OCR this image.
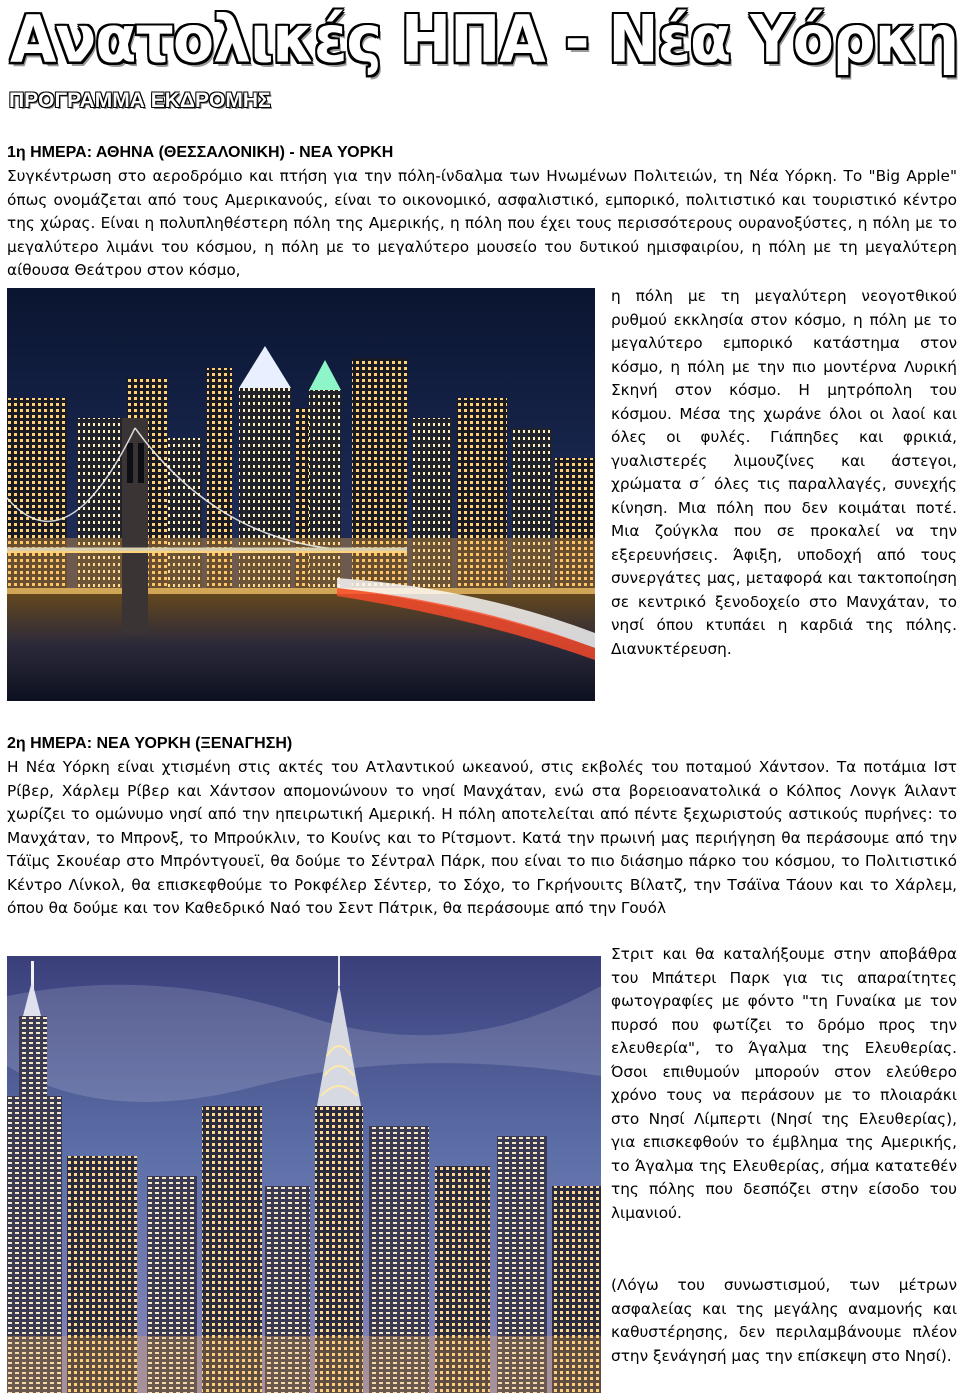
Ανατολικές ΗΠΑ - Νέα Υόρκη
ΠΡΟΓΡΑΜΜΑ ΕΚΔΡΟΜΗΣ
1η ΗΜΕΡΑ: ΑΘΗΝΑ (ΘΕΣΣΑΛΟΝΙΚΗ) - ΝΕΑ ΥΟΡΚΗ

Συγκέντρωση στο αεροδρόμιο και πτήση για την πόλη-ίνδαλμα των Ηνωμένων Πολιτειών, τη Νέα Υόρκη. Το "Big Apple" όπως ονομάζεται από τους Αμερικανούς, είναι το οικονομικό, ασφαλιστικό, εμπορικό, πολιτιστικό και τουριστικό κέντρο της χώρας. Είναι η πολυπληθέστερη πόλη της Αμερικής, η πόλη που έχει τους περισσότερους ουρανοξύστες, η πόλη με το μεγαλύτερο λιμάνι του κόσμου, η πόλη με το μεγαλύτερο μουσείο του δυτικού ημισφαιρίου, η πόλη με τη μεγαλύτερη αίθουσα Θεάτρου στον κόσμο,

η πόλη με τη μεγαλύτερη νεογοτθικού ρυθμού εκκλησία στον κόσμο, η πόλη με το μεγαλύτερο εμπορικό κατάστημα στον κόσμο, η πόλη με την πιο μοντέρνα Λυρική Σκηνή στον κόσμο. Η μητρόπολη του κόσμου. Μέσα της χωράνε όλοι οι λαοί και όλες οι φυλές. Γιάπηδες και φρικιά, γυαλιστερές λιμουζίνες και άστεγοι, χρώματα σ΄ όλες τις παραλλαγές, συνεχής κίνηση. Μια πόλη που δεν κοιμάται ποτέ. Μια ζούγκλα που σε προκαλεί να την εξερευνήσεις. Άφιξη, υποδοχή από τους συνεργάτες μας, μεταφορά και τακτοποίηση σε κεντρικό ξενοδοχείο στο Μανχάταν, το νησί όπου κτυπάει η καρδιά της πόλης. Διανυκτέρευση.

2η ΗΜΕΡΑ: ΝΕΑ ΥΟΡΚΗ (ΞΕΝΑΓΗΣΗ)

Η Νέα Υόρκη είναι χτισμένη στις ακτές του Ατλαντικού ωκεανού, στις εκβολές του ποταμού Χάντσον. Τα ποτάμια Ιστ Ρίβερ, Χάρλεμ Ρίβερ και Χάντσον απομονώνουν το νησί Μανχάταν, ενώ στα βορειοανατολικά ο Κόλπος Λονγκ Άιλαντ χωρίζει το ομώνυμο νησί από την ηπειρωτική Αμερική. Η πόλη αποτελείται από πέντε ξεχωριστούς αστικούς πυρήνες: το Μανχάταν, το Μπρονξ, το Μπρούκλιν, το Κουίνς και το Ρίτσμοντ. Κατά την πρωινή μας περιήγηση θα περάσουμε από την Τάϊμς Σκουέαρ στο Μπρόντγουεϊ, θα δούμε το Σέντραλ Πάρκ, που είναι το πιο διάσημο πάρκο του κόσμου, το Πολιτιστικό Κέντρο Λίνκολ, θα επισκεφθούμε το Ροκφέλερ Σέντερ, το Σόχο, το Γκρήνουιτς Βίλατζ, την Τσάϊνα Τάουν και το Χάρλεμ, όπου θα δούμε και τον Καθεδρικό Ναό του Σεντ Πάτρικ, θα περάσουμε από την Γουόλ

Στριτ και θα καταλήξουμε στην αποβάθρα του Μπάτερι Παρκ για τις απαραίτητες φωτογραφίες με φόντο "τη Γυναίκα με τον πυρσό που φωτίζει το δρόμο προς την ελευθερία", το Άγαλμα της Ελευθερίας. Όσοι επιθυμούν μπορούν στον ελεύθερο χρόνο τους να περάσουν με το πλοιαράκι στο Νησί Λίμπερτι (Νησί της Ελευθερίας), για επισκεφθούν το έμβλημα της Αμερικής, το Άγαλμα της Ελευθερίας, σήμα κατατεθέν της πόλης που δεσπόζει στην είσοδο του λιμανιού.

(Λόγω του συνωστισμού, των μέτρων ασφαλείας και της μεγάλης αναμονής και καθυστέρησης, δεν περιλαμβάνουμε πλέον στην ξενάγησή μας την επίσκεψη στο Νησί).
